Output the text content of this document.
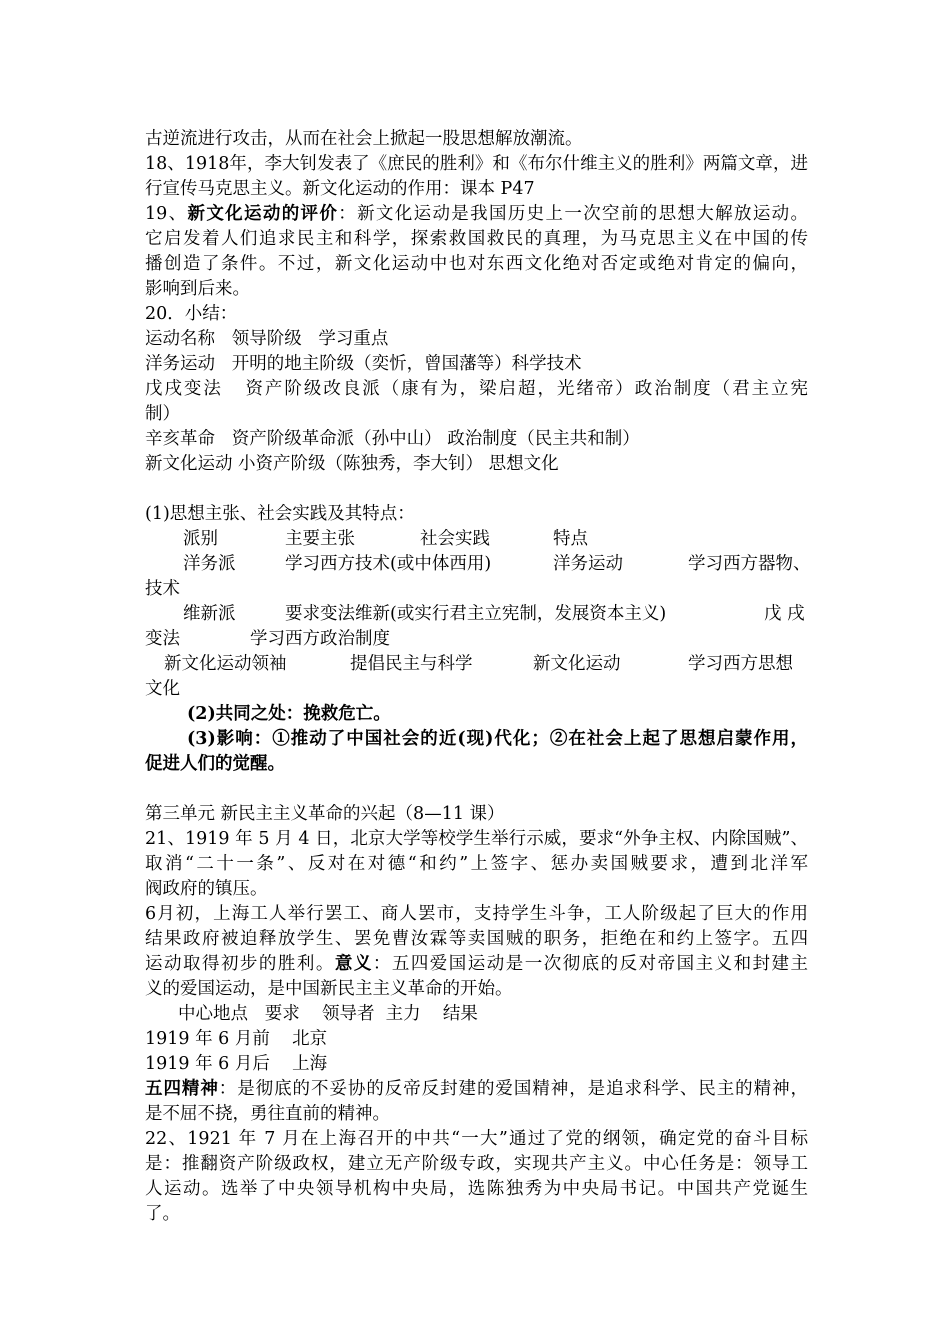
古逆流进行攻击，从而在社会上掀起一股思想解放潮流。
18、1918年，李大钊发表了《庶民的胜利》和《布尔什维主义的胜利》两篇文章，进
行宣传马克思主义。新文化运动的作用：课本 P47
19、新文化运动的评价：新文化运动是我国历史上一次空前的思想大解放运动。
它启发着人们追求民主和科学，探索救国救民的真理，为马克思主义在中国的传
播创造了条件。不过，新文化运动中也对东西文化绝对否定或绝对肯定的偏向，
影响到后来。
20．小结：
运动名称   领导阶级   学习重点
洋务运动   开明的地主阶级（奕忻，曾国藩等）科学技术
戊戌变法   资产阶级改良派（康有为，梁启超，光绪帝）政治制度（君主立宪
制）
辛亥革命   资产阶级革命派（孙中山） 政治制度（民主共和制）
新文化运动 小资产阶级（陈独秀，李大钊） 思想文化
(1)思想主张、社会实践及其特点：
派别	主要主张	社会实践	特点
洋务派	学习西方技术(或中体西用)	洋务运动	学习西方器物、
技术
维新派	要求变法维新(或实行君主立宪制，发展资本主义)	戊 戌
变法	学习西方政治制度
新文化运动领袖	提倡民主与科学	新文化运动	学习西方思想
文化
(2)共同之处：挽救危亡。
(3)影响：①推动了中国社会的近(现)代化；②在社会上起了思想启蒙作用，
促进人们的觉醒。
第三单元 新民主主义革命的兴起（8—11 课）
21、1919 年 5 月 4 日，北京大学等校学生举行示威，要求“外争主权、内除国贼”、
取消“二十一条”、反对在对德“和约”上签字、惩办卖国贼要求，遭到北洋军
阀政府的镇压。
6月初，上海工人举行罢工、商人罢市，支持学生斗争，工人阶级起了巨大的作用
结果政府被迫释放学生、罢免曹汝霖等卖国贼的职务，拒绝在和约上签字。五四
运动取得初步的胜利。意义：五四爱国运动是一次彻底的反对帝国主义和封建主
义的爱国运动，是中国新民主主义革命的开始。
中心地点   要求    领导者  主力    结果
1919 年 6 月前    北京
1919 年 6 月后    上海
五四精神：是彻底的不妥协的反帝反封建的爱国精神，是追求科学、民主的精神，
是不屈不挠，勇往直前的精神。
22、1921 年 7 月在上海召开的中共“一大”通过了党的纲领，确定党的奋斗目标
是：推翻资产阶级政权，建立无产阶级专政，实现共产主义。中心任务是：领导工
人运动。选举了中央领导机构中央局，选陈独秀为中央局书记。中国共产党诞生
了。
